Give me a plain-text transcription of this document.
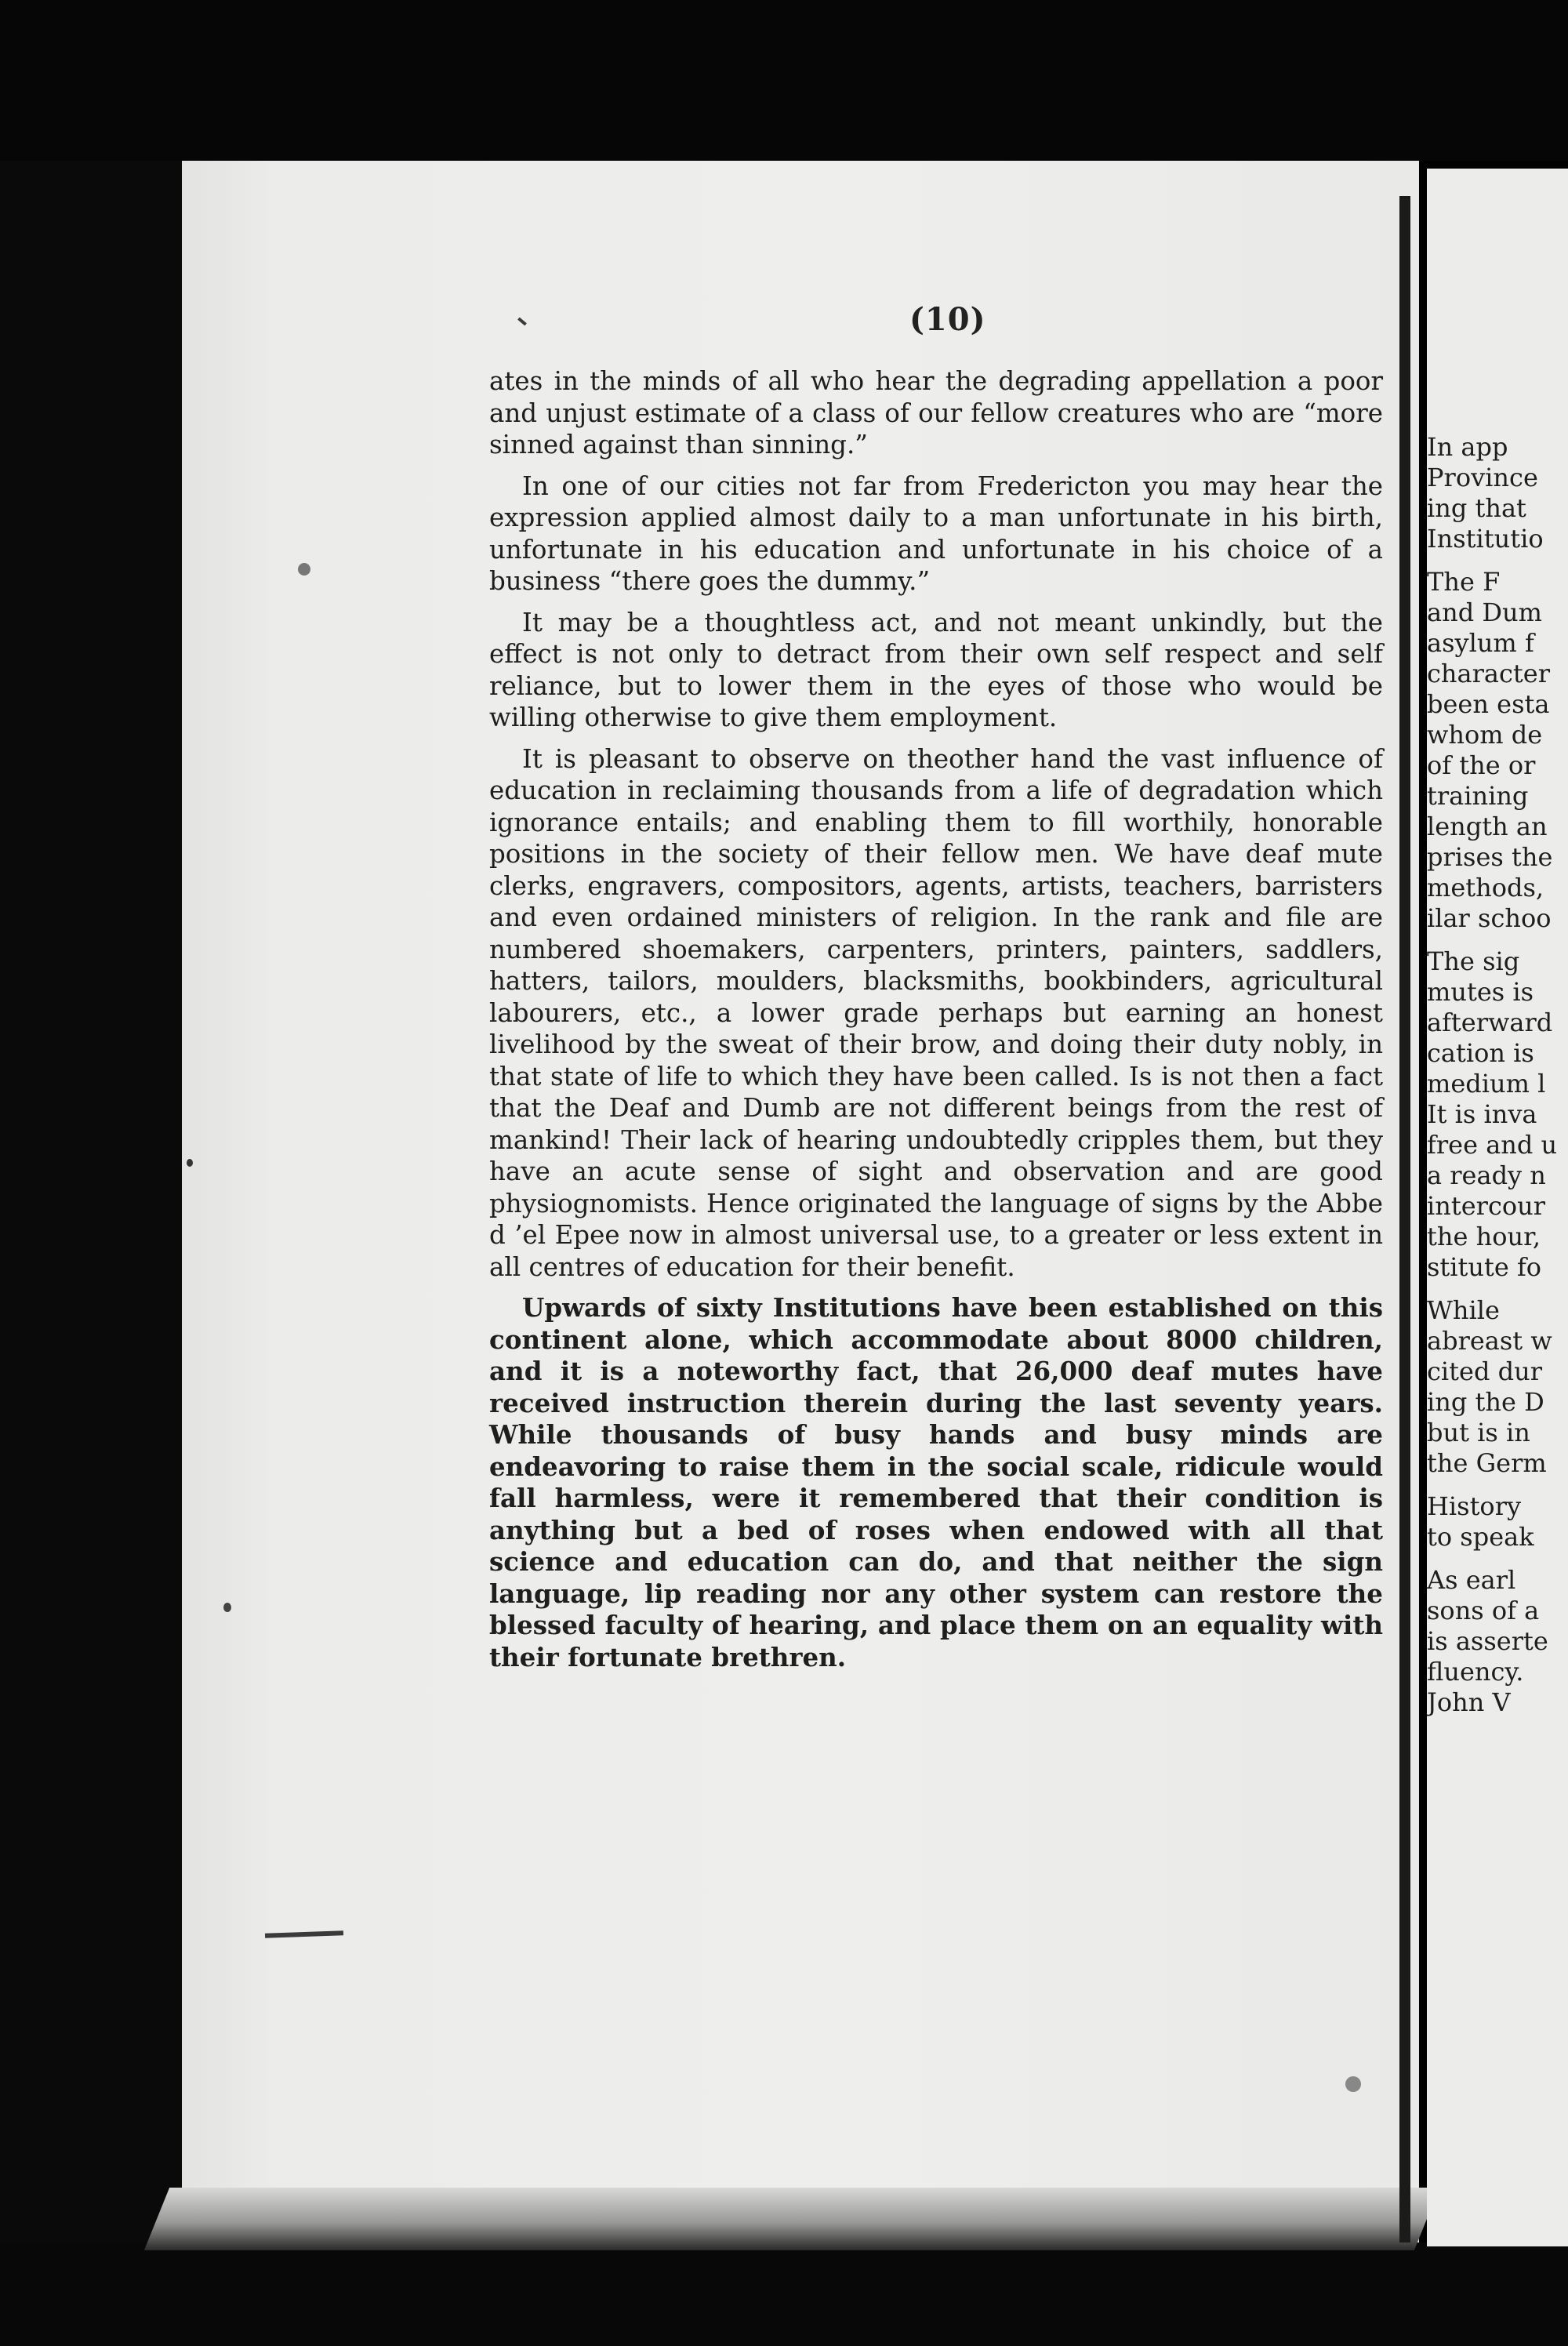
(10)

ates in the minds of all who hear the degrading appellation a poor and unjust estimate of a class of our fellow creatures who are “more sinned against than sinning.”

In one of our cities not far from Fredericton you may hear the expression applied almost daily to a man unfortunate in his birth, unfortunate in his education and unfortunate in his choice of a business “there goes the dummy.”

It may be a thoughtless act, and not meant unkindly, but the effect is not only to detract from their own self respect and self reliance, but to lower them in the eyes of those who would be willing otherwise to give them employment.

It is pleasant to observe on theother hand the vast influence of education in reclaiming thousands from a life of degradation which ignorance entails; and enabling them to fill worthily, honorable positions in the society of their fellow men. We have deaf mute clerks, engravers, compositors, agents, artists, teachers, barristers and even ordained ministers of religion. In the rank and file are numbered shoemakers, carpenters, printers, painters, saddlers, hatters, tailors, moulders, blacksmiths, bookbinders, agricultural labourers, etc., a lower grade perhaps but earning an honest livelihood by the sweat of their brow, and doing their duty nobly, in that state of life to which they have been called. Is is not then a fact that the Deaf and Dumb are not different beings from the rest of mankind! Their lack of hearing undoubtedly cripples them, but they have an acute sense of sight and observation and are good physiognomists. Hence originated the language of signs by the Abbe d ’el Epee now in almost universal use, to a greater or less extent in all centres of education for their benefit.

Upwards of sixty Institutions have been established on this continent alone, which accommodate about 8000 children, and it is a noteworthy fact, that 26,000 deaf mutes have received instruction therein during the last seventy years. While thousands of busy hands and busy minds are endeavoring to raise them in the social scale, ridicule would fall harmless, were it remembered that their condition is anything but a bed of roses when endowed with all that science and education can do, and that neither the sign language, lip reading nor any other system can restore the blessed faculty of hearing, and place them on an equality with their fortunate brethren.

In app
Province
ing that
Institutio
The F
and Dum
asylum f
character
been esta
whom de
of the or
training
length an
prises the
methods,
ilar schoo
The sig
mutes is
afterward
cation is
medium l
It is inva
free and u
a ready n
intercour
the hour,
stitute fo
While
abreast w
cited dur
ing the D
but is in
the Germ
History
to speak
As earl
sons of a
is asserte
fluency.
John V
